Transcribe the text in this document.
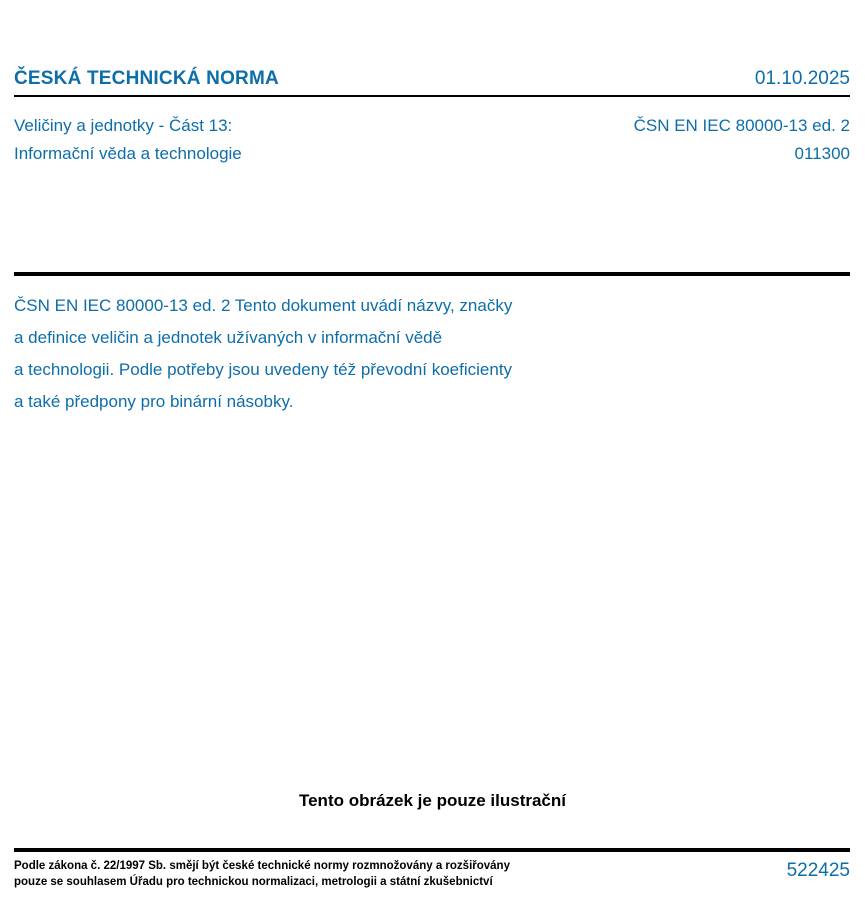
ČESKÁ TECHNICKÁ NORMA	01.10.2025
Veličiny a jednotky - Část 13:	ČSN EN IEC 80000-13 ed. 2
Informační věda a technologie	011300
ČSN EN IEC 80000-13 ed. 2 Tento dokument uvádí názvy, značky
a definice veličin a jednotek užívaných v informační vědě
a technologii. Podle potřeby jsou uvedeny též převodní koeficienty
a také předpony pro binární násobky.
Tento obrázek je pouze ilustrační
Podle zákona č. 22/1997 Sb. smějí být české technické normy rozmnožovány a rozšiřovány
pouze se souhlasem Úřadu pro technickou normalizaci, metrologii a státní zkušebnictví
522425
